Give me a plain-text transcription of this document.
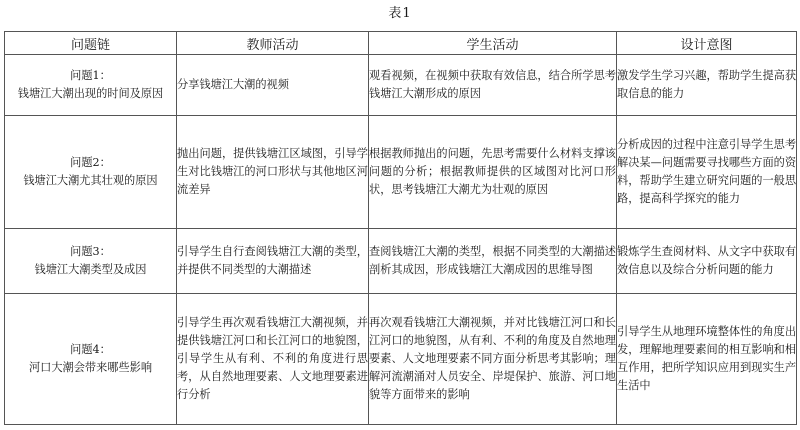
表1
问题链	教师活动	学生活动	设计意图

问题1：
钱塘江大潮出现的时间及原因	分享钱塘江大潮的视频	观看视频，在视频中获取有效信息，结合所学思考钱塘江大潮形成的原因	激发学生学习兴趣，帮助学生提高获取信息的能力

问题2：
钱塘江大潮尤其壮观的原因	抛出问题，提供钱塘江区域图，引导学生对比钱塘江的河口形状与其他地区河流差异	根据教师抛出的问题，先思考需要什么材料支撑该问题的分析；根据教师提供的区域图对比河口形状，思考钱塘江大潮尤为壮观的原因	分析成因的过程中注意引导学生思考解决某—问题需要寻找哪些方面的资料，帮助学生建立研究问题的一般思路，提高科学探究的能力

问题3：
钱塘江大潮类型及成因	引导学生自行查阅钱塘江大潮的类型，并提供不同类型的大潮描述	查阅钱塘江大潮的类型，根据不同类型的大潮描述剖析其成因，形成钱塘江大潮成因的思维导图	锻炼学生查阅材料、从文字中获取有效信息以及综合分析问题的能力

问题4：
河口大潮会带来哪些影响	引导学生再次观看钱塘江大潮视频，并提供钱塘江河口和长江河口的地貌图，引导学生从有利、不利的角度进行思考，从自然地理要素、人文地理要素进行分析	再次观看钱塘江大潮视频，并对比钱塘江河口和长江河口的地貌图，从有利、不利的角度及自然地理要素、人文地理要素不同方面分析思考其影响；理解河流潮涌对人员安全、岸堤保护、旅游、河口地貌等方面带来的影响	引导学生从地理环境整体性的角度出发，理解地理要素间的相互影响和相互作用，把所学知识应用到现实生产生活中
